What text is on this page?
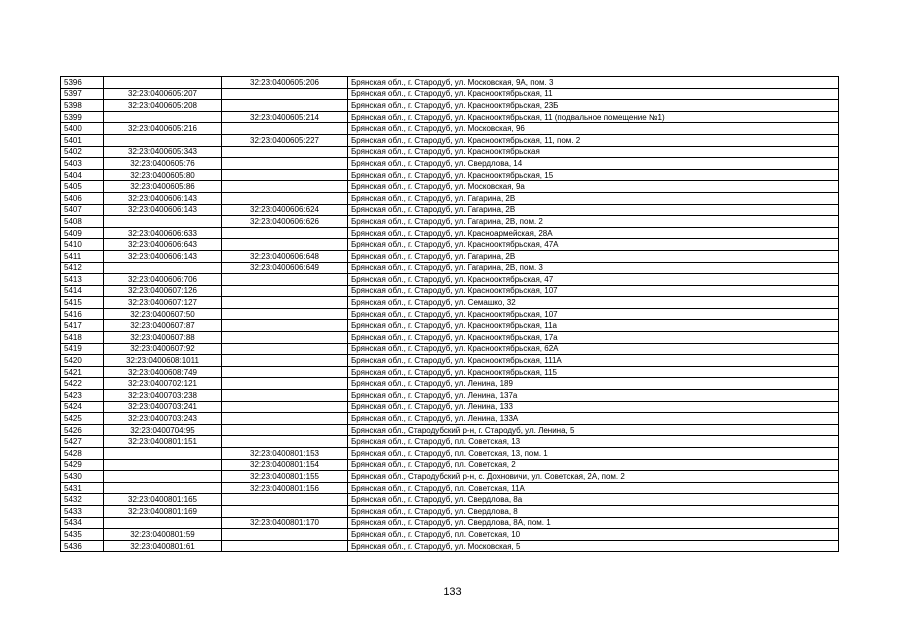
5396		32:23:0400605:206	Брянская обл., г. Стародуб, ул. Московская, 9А, пом. 3
5397	32:23:0400605:207		Брянская обл., г. Стародуб, ул. Краснооктябрьская, 11
5398	32:23:0400605:208		Брянская обл., г. Стародуб, ул. Краснооктябрьская, 23Б
5399		32:23:0400605:214	Брянская обл., г. Стародуб, ул. Краснооктябрьская, 11 (подвальное помещение №1)
5400	32:23:0400605:216		Брянская обл., г. Стародуб, ул. Московская, 96
5401		32:23:0400605:227	Брянская обл., г. Стародуб, ул. Краснооктябрьская, 11, пом. 2
5402	32:23:0400605:343		Брянская обл., г. Стародуб, ул. Краснооктябрьская
5403	32:23:0400605:76		Брянская обл., г. Стародуб, ул. Свердлова, 14
5404	32:23:0400605:80		Брянская обл., г. Стародуб, ул. Краснооктябрьская, 15
5405	32:23:0400605:86		Брянская обл., г. Стародуб, ул. Московская, 9а
5406	32:23:0400606:143		Брянская обл., г. Стародуб, ул. Гагарина, 2В
5407	32:23:0400606:143	32:23:0400606:624	Брянская обл., г. Стародуб, ул. Гагарина, 2В
5408		32:23:0400606:626	Брянская обл., г. Стародуб, ул. Гагарина, 2В, пом. 2
5409	32:23:0400606:633		Брянская обл., г. Стародуб, ул. Красноармейская, 28А
5410	32:23:0400606:643		Брянская обл., г. Стародуб, ул. Краснооктябрьская, 47А
5411	32:23:0400606:143	32:23:0400606:648	Брянская обл., г. Стародуб, ул. Гагарина, 2В
5412		32:23:0400606:649	Брянская обл., г. Стародуб, ул. Гагарина, 2В, пом. 3
5413	32:23:0400606:706		Брянская обл., г. Стародуб, ул. Краснооктябрьская, 47
5414	32:23:0400607:126		Брянская обл., г. Стародуб, ул. Краснооктябрьская, 107
5415	32:23:0400607:127		Брянская обл., г. Стародуб, ул. Семашко, 32
5416	32:23:0400607:50		Брянская обл., г. Стародуб, ул. Краснооктябрьская, 107
5417	32:23:0400607:87		Брянская обл., г. Стародуб, ул. Краснооктябрьская, 11а
5418	32:23:0400607:88		Брянская обл., г. Стародуб, ул. Краснооктябрьская, 17а
5419	32:23:0400607:92		Брянская обл., г. Стародуб, ул. Краснооктябрьская, 62А
5420	32:23:0400608:1011		Брянская обл., г. Стародуб, ул. Краснооктябрьская, 111А
5421	32:23:0400608:749		Брянская обл., г. Стародуб, ул. Краснооктябрьская, 115
5422	32:23:0400702:121		Брянская обл., г. Стародуб, ул. Ленина, 189
5423	32:23:0400703:238		Брянская обл., г. Стародуб, ул. Ленина, 137а
5424	32:23:0400703:241		Брянская обл., г. Стародуб, ул. Ленина, 133
5425	32:23:0400703:243		Брянская обл., г. Стародуб, ул. Ленина, 133А
5426	32:23:0400704:95		Брянская обл., Стародубский р-н, г. Стародуб, ул. Ленина, 5
5427	32:23:0400801:151		Брянская обл., г. Стародуб, пл. Советская, 13
5428		32:23:0400801:153	Брянская обл., г. Стародуб, пл. Советская, 13, пом. 1
5429		32:23:0400801:154	Брянская обл., г. Стародуб, пл. Советская, 2
5430		32:23:0400801:155	Брянская обл., Стародубский р-н, с. Дохновичи, ул. Советская, 2А, пом. 2
5431		32:23:0400801:156	Брянская обл., г. Стародуб, пл. Советская, 11А
5432	32:23:0400801:165		Брянская обл., г. Стародуб, ул. Свердлова, 8а
5433	32:23:0400801:169		Брянская обл., г. Стародуб, ул. Свердлова, 8
5434		32:23:0400801:170	Брянская обл., г. Стародуб, ул. Свердлова, 8А, пом. 1
5435	32:23:0400801:59		Брянская обл., г. Стародуб, пл. Советская, 10
5436	32:23:0400801:61		Брянская обл., г. Стародуб, ул. Московская, 5
133
